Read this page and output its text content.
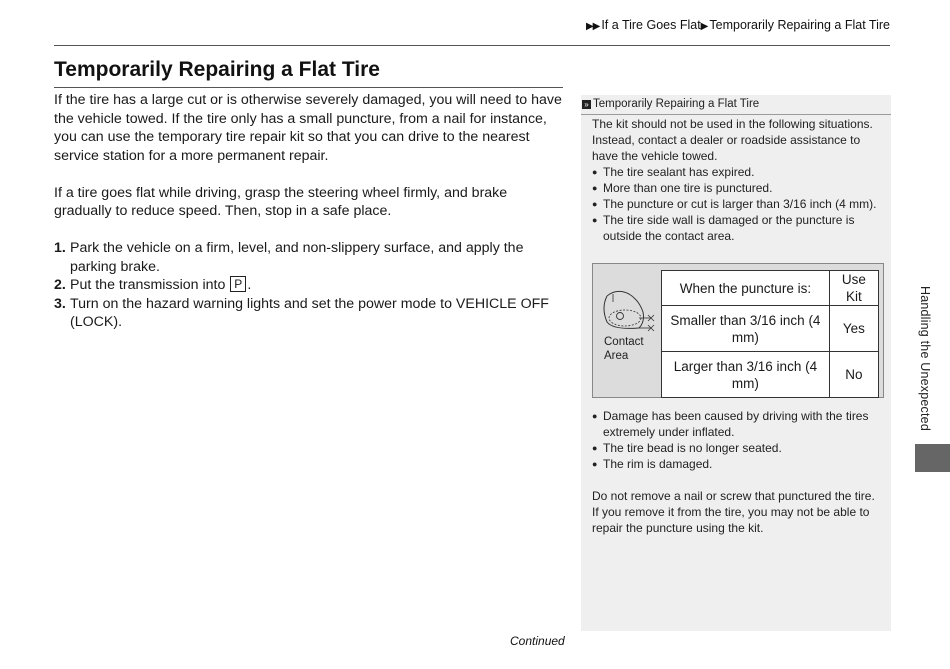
▶▶ If a Tire Goes Flat▶ Temporarily Repairing a Flat Tire
Temporarily Repairing a Flat Tire

If the tire has a large cut or is otherwise severely damaged, you will need to have the vehicle towed. If the tire only has a small puncture, from a nail for instance, you can use the temporary tire repair kit so that you can drive to the nearest service station for a more permanent repair.

If a tire goes flat while driving, grasp the steering wheel firmly, and brake gradually to reduce speed. Then, stop in a safe place.

1. Park the vehicle on a firm, level, and non-slippery surface, and apply the parking brake.
2. Put the transmission into P .
3. Turn on the hazard warning lights and set the power mode to VEHICLE OFF (LOCK).
» Temporarily Repairing a Flat Tire

The kit should not be used in the following situations. Instead, contact a dealer or roadside assistance to have the vehicle towed.

● The tire sealant has expired.
● More than one tire is punctured.
● The puncture or cut is larger than 3/16 inch (4 mm).
● The tire side wall is damaged or the puncture is outside the contact area.
Contact Area
When the puncture is:	Use Kit
Smaller than 3/16 inch (4 mm)	Yes
Larger than 3/16 inch (4 mm)	No
● Damage has been caused by driving with the tires extremely under inflated.
● The tire bead is no longer seated.
● The rim is damaged.

Do not remove a nail or screw that punctured the tire. If you remove it from the tire, you may not be able to repair the puncture using the kit.

Handling the Unexpected
Continued
